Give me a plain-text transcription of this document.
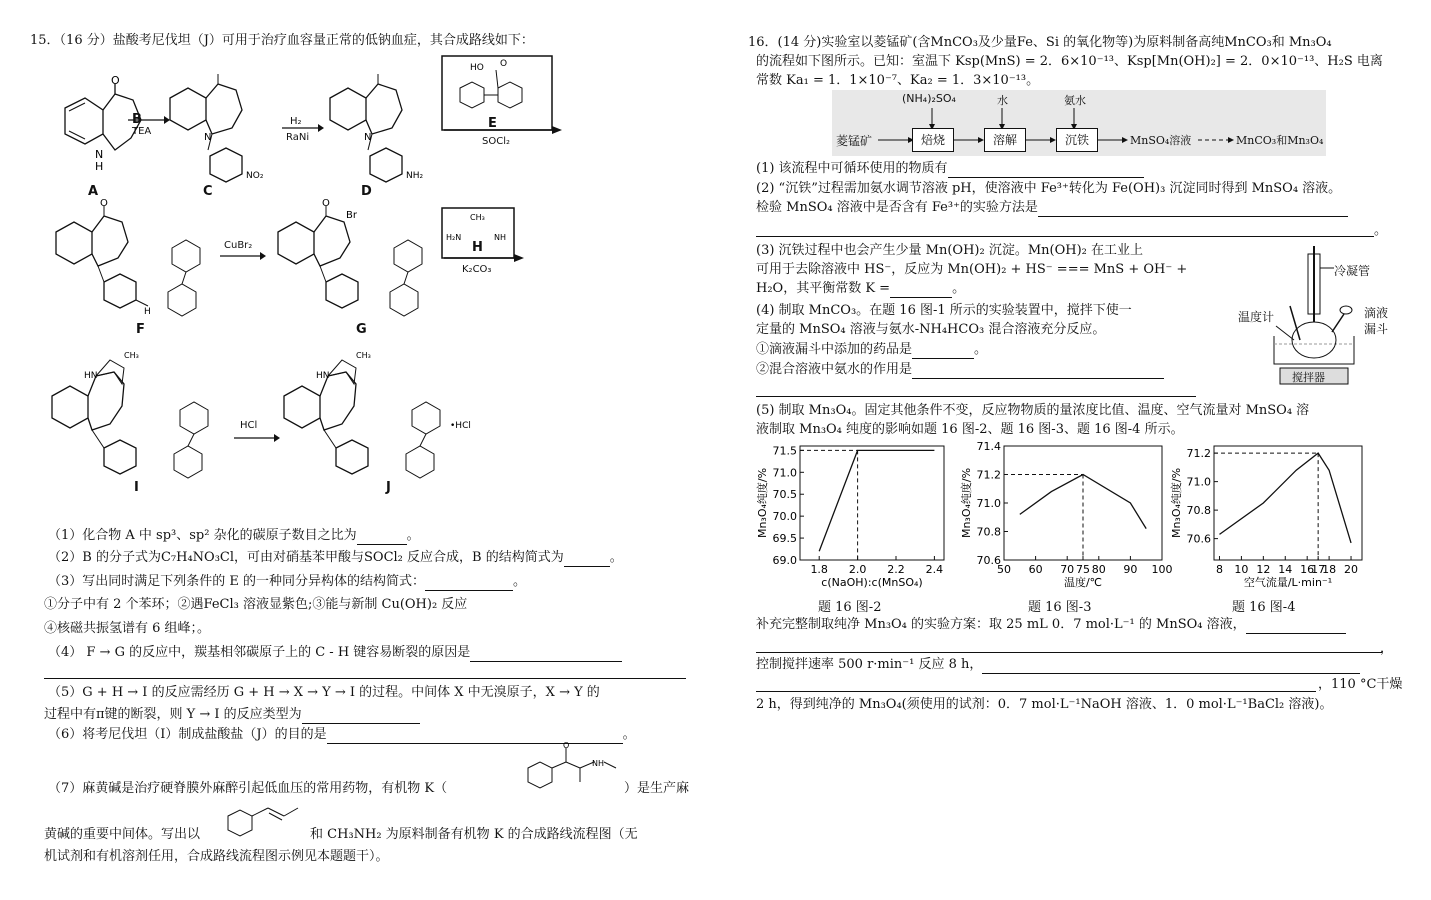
15．（16 分）盐酸考尼伐坦（J）可用于治疗血容量正常的低钠血症，其合成路线如下：
O
N
H
A
B
TEA
N
NO₂
C
H₂
RaNi	N
NH₂
D
HO O
E
SOCl₂
H
O
F
CuBr₂
Br
O
G
CH₃
H₂N	NH
H
K₂CO₃
HN
CH₃
I
HCl
HN
CH₃
•HCl
J
（1）化合物 A 中 sp³、sp² 杂化的碳原子数目之比为	。
（2）B 的分子式为C₇H₄NO₃Cl，可由对硝基苯甲酸与SOCl₂ 反应合成，B 的结构简式为	。
（3）写出同时满足下列条件的 E 的一种同分异构体的结构简式：	。
①分子中有 2 个苯环；②遇FeCl₃ 溶液显紫色;③能与新制 Cu(OH)₂ 反应
④核磁共振氢谱有 6 组峰；。
（4） F → G 的反应中，羰基相邻碳原子上的 C - H 键容易断裂的原因是
（5）G + H → I 的反应需经历 G + H → X → Y → I 的过程。中间体 X 中无溴原子，X → Y 的
过程中有π键的断裂，则 Y → I 的反应类型为
（6）将考尼伐坦（I）制成盐酸盐（J）的目的是	。
（7）麻黄碱是治疗硬脊膜外麻醉引起低血压的常用药物，有机物 K（
O
NH
）是生产麻
黄碱的重要中间体。写出以	和 CH₃NH₂ 为原料制备有机物 K 的合成路线流程图（无
机试剂和有机溶剂任用，合成路线流程图示例见本题题干）。
16．(14 分)实验室以菱锰矿(含MnCO₃及少量Fe、Si 的氧化物等)为原料制备高纯MnCO₃和 Mn₃O₄
的流程如下图所示。已知：室温下 Ksp(MnS) = 2．6×10⁻¹³、Ksp[Mn(OH)₂] = 2．0×10⁻¹³、H₂S 电离
常数 Ka₁ = 1．1×10⁻⁷、Ka₂ = 1．3×10⁻¹³。
(NH₄)₂SO₄	水	氨水
菱锰矿	焙烧	溶解	沉铁	MnSO₄溶液	MnCO₃和Mn₃O₄
(1) 该流程中可循环使用的物质有
(2) “沉铁”过程需加氨水调节溶液 pH，使溶液中 Fe³⁺转化为 Fe(OH)₃ 沉淀同时得到 MnSO₄ 溶液。
检验 MnSO₄ 溶液中是否含有 Fe³⁺的实验方法是
。
(3) 沉铁过程中也会产生少量 Mn(OH)₂ 沉淀。Mn(OH)₂ 在工业上
可用于去除溶液中 HS⁻，反应为 Mn(OH)₂ + HS⁻ === MnS + OH⁻ +
H₂O，其平衡常数 K =	。
(4) 制取 MnCO₃。在题 16 图-1 所示的实验装置中，搅拌下使一
定量的 MnSO₄ 溶液与氨水-NH₄HCO₃ 混合溶液充分反应。
①滴液漏斗中添加的药品是	。
②混合溶液中氨水的作用是
冷凝管
温度计	滴液
漏斗
搅拌器
(5) 制取 Mn₃O₄。固定其他条件不变，反应物物质的量浓度比值、温度、空气流量对 MnSO₄ 溶
液制取 Mn₃O₄ 纯度的影响如题 16 图-2、题 16 图-3、题 16 图-4 所示。
69.0
69.5
70.0
70.5
71.0
71.5
1.8 2.0 2.2 2.4
c(NaOH):c(MnSO₄)
Mn₃O₄纯度/%
70.6
70.8
71.0
71.2
71.4
50 60 70 75 80 90 100
温度/℃
Mn₃O₄纯度/%
70.6
70.8
71.0
71.2
8 10 12 14 16
17
18 20
空气流量/L·min⁻¹
Mn₃O₄纯度/%
题 16 图-2	题 16 图-3	题 16 图-4
补充完整制取纯净 Mn₃O₄ 的实验方案：取 25 mL 0．7 mol·L⁻¹ 的 MnSO₄ 溶液，
，
控制搅拌速率 500 r·min⁻¹ 反应 8 h，
，110 °C干燥
2 h，得到纯净的 Mn₃O₄(须使用的试剂：0．7 mol·L⁻¹NaOH 溶液、1．0 mol·L⁻¹BaCl₂ 溶液)。
